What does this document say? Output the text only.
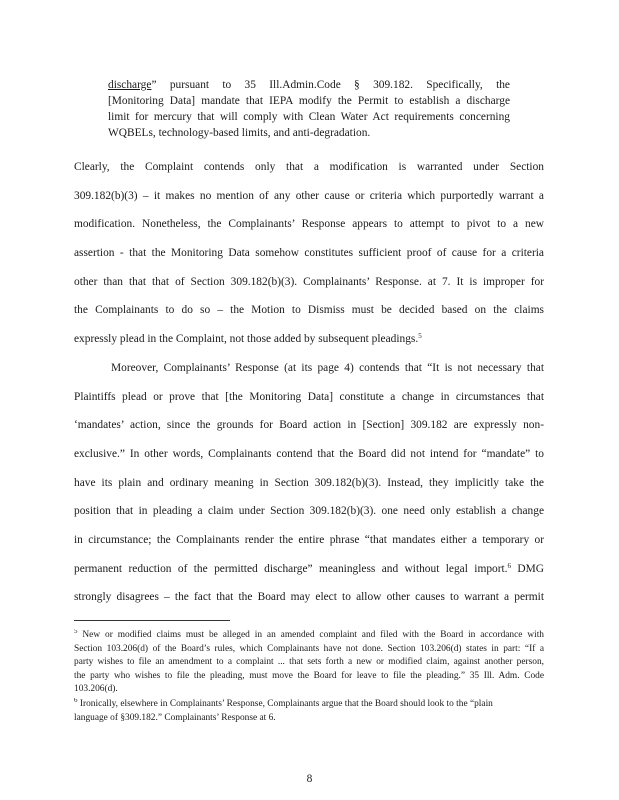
discharge” pursuant to 35 Ill.Admin.Code § 309.182. Specifically, the
[Monitoring Data] mandate that IEPA modify the Permit to establish a discharge
limit for mercury that will comply with Clean Water Act requirements concerning
WQBELs, technology-based limits, and anti-degradation.
Clearly, the Complaint contends only that a modification is warranted under Section
309.182(b)(3) – it makes no mention of any other cause or criteria which purportedly warrant a
modification. Nonetheless, the Complainants’ Response appears to attempt to pivot to a new
assertion - that the Monitoring Data somehow constitutes sufficient proof of cause for a criteria
other than that that of Section 309.182(b)(3). Complainants’ Response. at 7. It is improper for
the Complainants to do so – the Motion to Dismiss must be decided based on the claims
expressly plead in the Complaint, not those added by subsequent pleadings.$^5$
Moreover, Complainants’ Response (at its page 4) contends that “It is not necessary that
Plaintiffs plead or prove that [the Monitoring Data] constitute a change in circumstances that
‘mandates’ action, since the grounds for Board action in [Section] 309.182 are expressly non-
exclusive.” In other words, Complainants contend that the Board did not intend for “mandate” to
have its plain and ordinary meaning in Section 309.182(b)(3). Instead, they implicitly take the
position that in pleading a claim under Section 309.182(b)(3). one need only establish a change
in circumstance; the Complainants render the entire phrase “that mandates either a temporary or
permanent reduction of the permitted discharge” meaningless and without legal import.$^6$ DMG
strongly disagrees – the fact that the Board may elect to allow other causes to warrant a permit
$^5$ New or modified claims must be alleged in an amended complaint and filed with the Board in accordance with
Section 103.206(d) of the Board’s rules, which Complainants have not done. Section 103.206(d) states in part: “If a
party wishes to file an amendment to a complaint ... that sets forth a new or modified claim, against another person,
the party who wishes to file the pleading, must move the Board for leave to file the pleading.” 35 Ill. Adm. Code
103.206(d).
$^6$ Ironically, elsewhere in Complainants’ Response, Complainants argue that the Board should look to the “plain
language of §309.182.” Complainants’ Response at 6.
8
